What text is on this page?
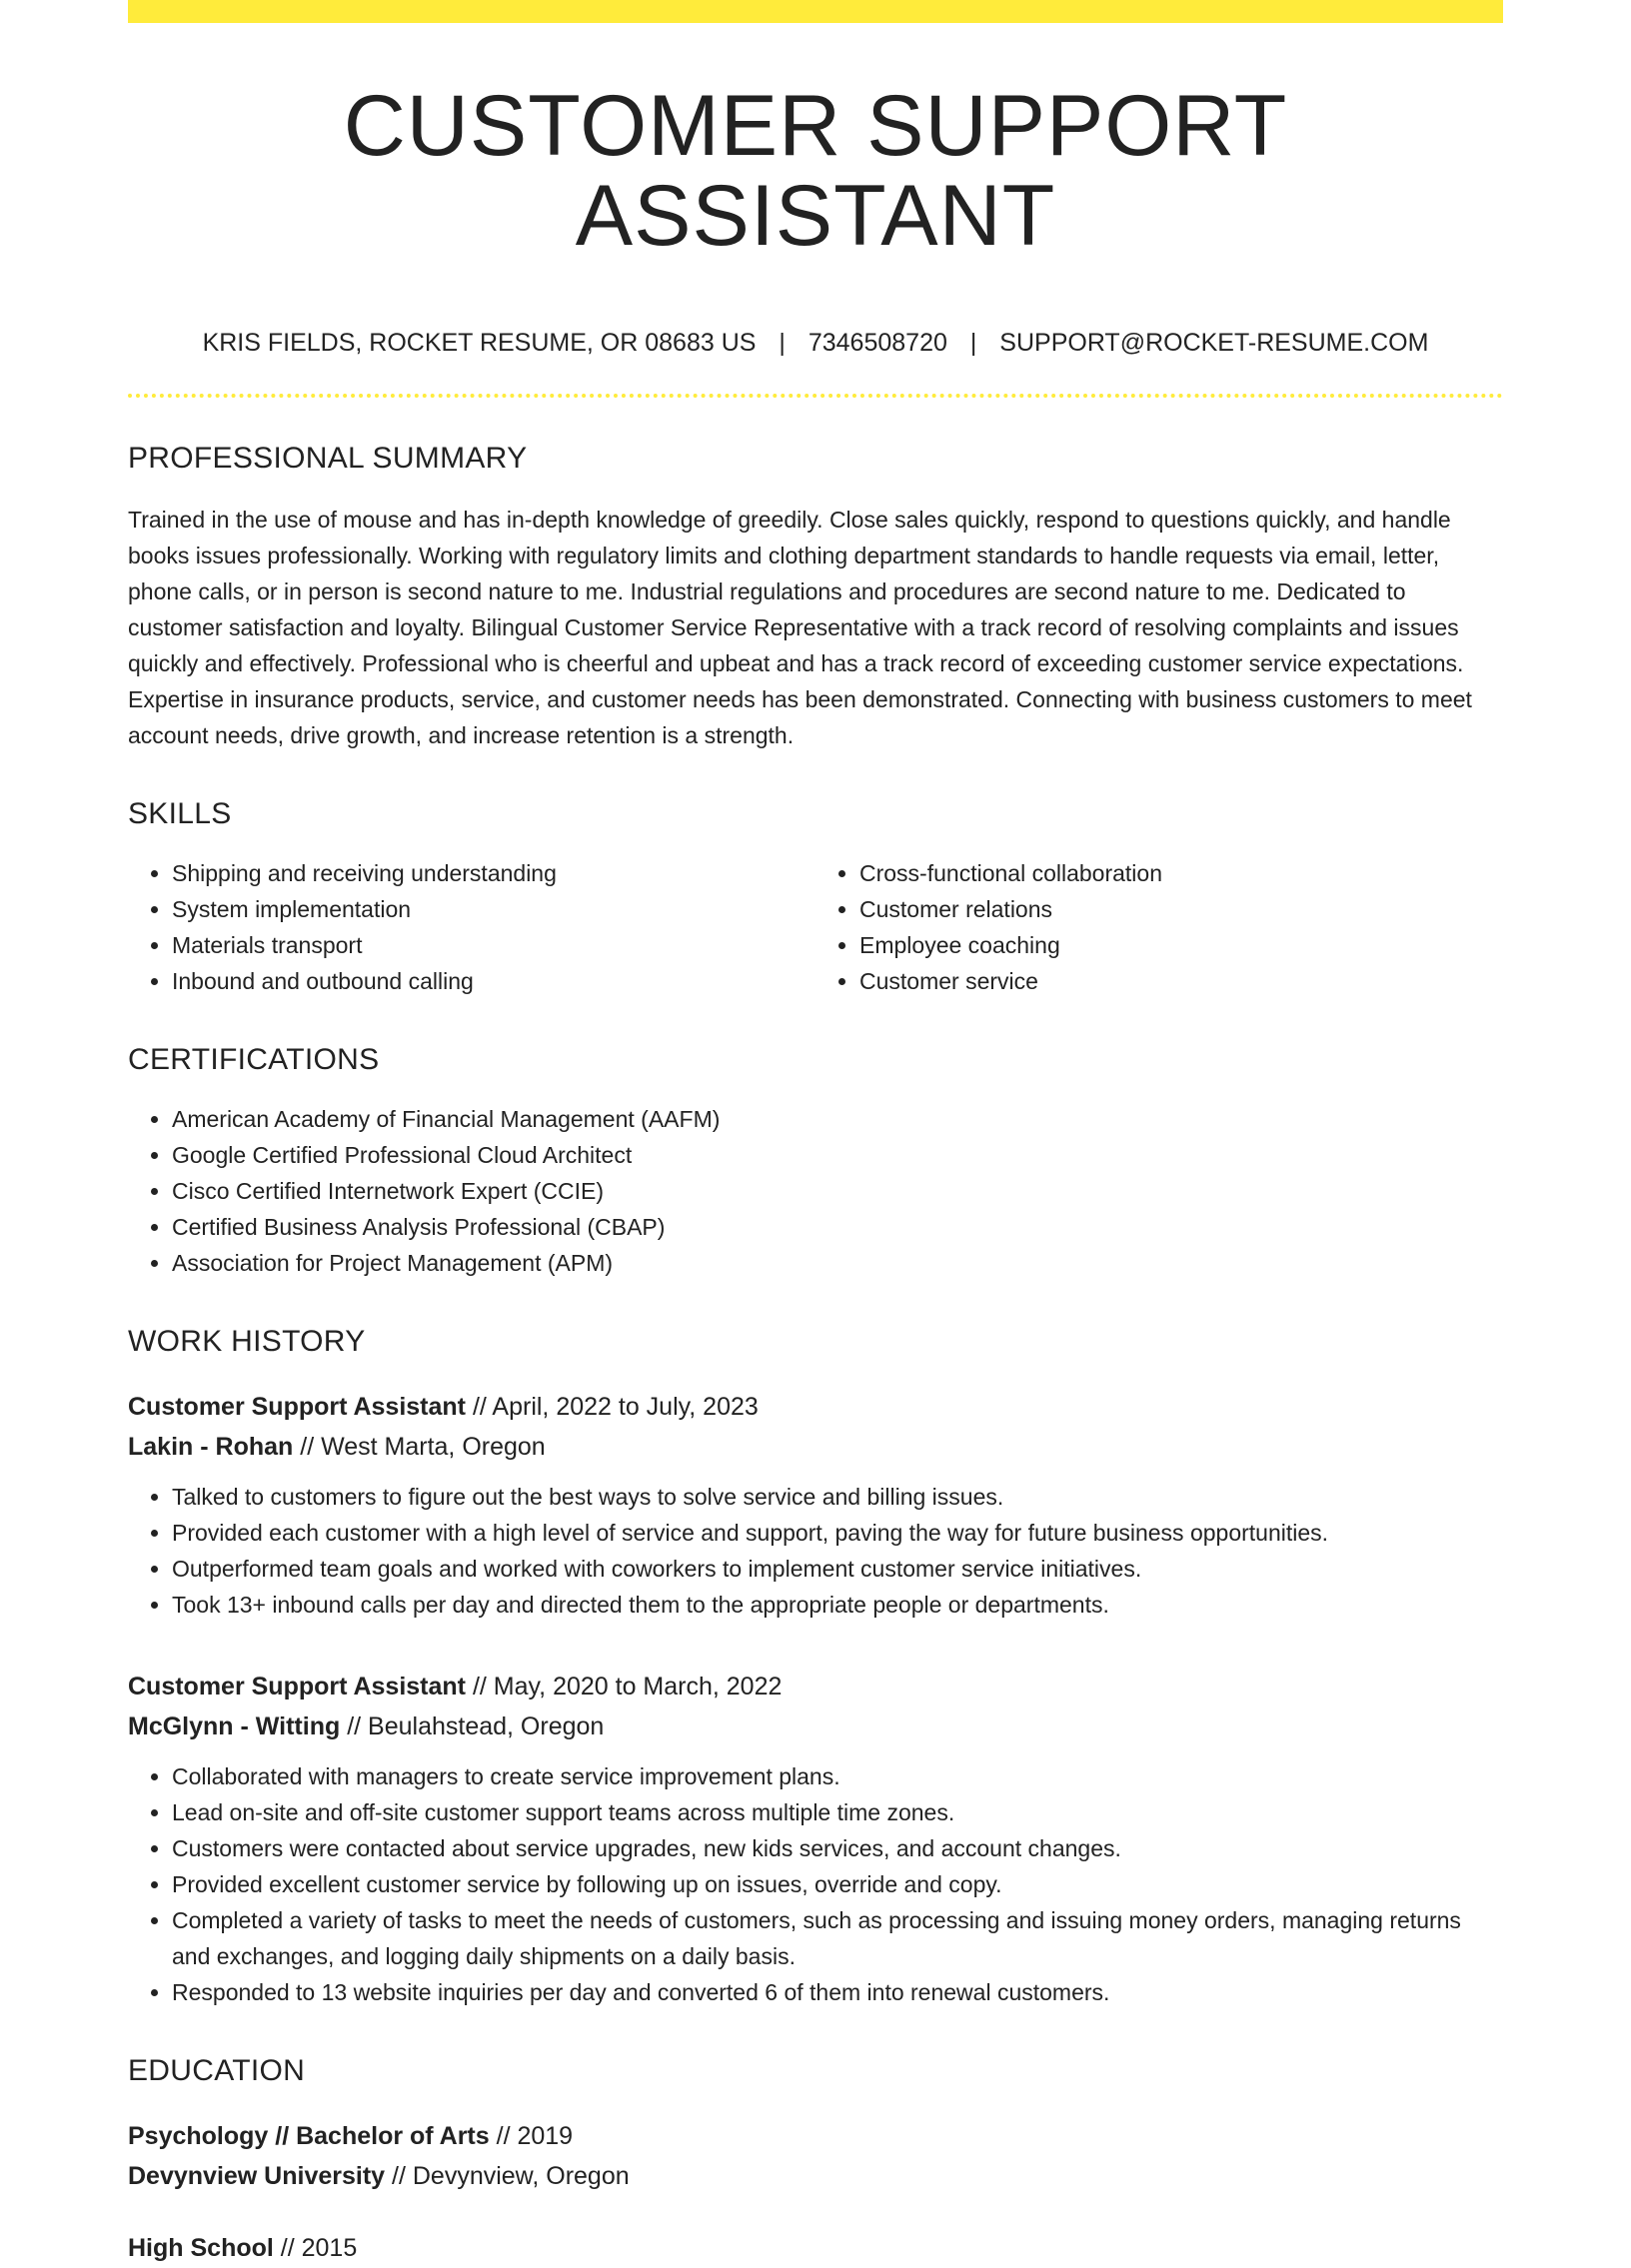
CUSTOMER SUPPORT ASSISTANT
KRIS FIELDS, ROCKET RESUME, OR 08683 US | 7346508720 | SUPPORT@ROCKET-RESUME.COM
PROFESSIONAL SUMMARY

Trained in the use of mouse and has in-depth knowledge of greedily. Close sales quickly, respond to questions quickly, and handle books issues professionally. Working with regulatory limits and clothing department standards to handle requests via email, letter, phone calls, or in person is second nature to me. Industrial regulations and procedures are second nature to me. Dedicated to customer satisfaction and loyalty. Bilingual Customer Service Representative with a track record of resolving complaints and issues quickly and effectively. Professional who is cheerful and upbeat and has a track record of exceeding customer service expectations. Expertise in insurance products, service, and customer needs has been demonstrated. Connecting with business customers to meet account needs, drive growth, and increase retention is a strength.

SKILLS
• Shipping and receiving understanding
• System implementation
• Materials transport
• Inbound and outbound calling
• Cross-functional collaboration
• Customer relations
• Employee coaching
• Customer service
CERTIFICATIONS
• American Academy of Financial Management (AAFM)
• Google Certified Professional Cloud Architect
• Cisco Certified Internetwork Expert (CCIE)
• Certified Business Analysis Professional (CBAP)
• Association for Project Management (APM)
WORK HISTORY
Customer Support Assistant // April, 2022 to July, 2023
Lakin - Rohan // West Marta, Oregon
• Talked to customers to figure out the best ways to solve service and billing issues.
• Provided each customer with a high level of service and support, paving the way for future business opportunities.
• Outperformed team goals and worked with coworkers to implement customer service initiatives.
• Took 13+ inbound calls per day and directed them to the appropriate people or departments.
Customer Support Assistant // May, 2020 to March, 2022
McGlynn - Witting // Beulahstead, Oregon
• Collaborated with managers to create service improvement plans.
• Lead on-site and off-site customer support teams across multiple time zones.
• Customers were contacted about service upgrades, new kids services, and account changes.
• Provided excellent customer service by following up on issues, override and copy.
• Completed a variety of tasks to meet the needs of customers, such as processing and issuing money orders, managing returns and exchanges, and logging daily shipments on a daily basis.
• Responded to 13 website inquiries per day and converted 6 of them into renewal customers.
EDUCATION
Psychology // Bachelor of Arts // 2019
Devynview University // Devynview, Oregon
High School // 2015
